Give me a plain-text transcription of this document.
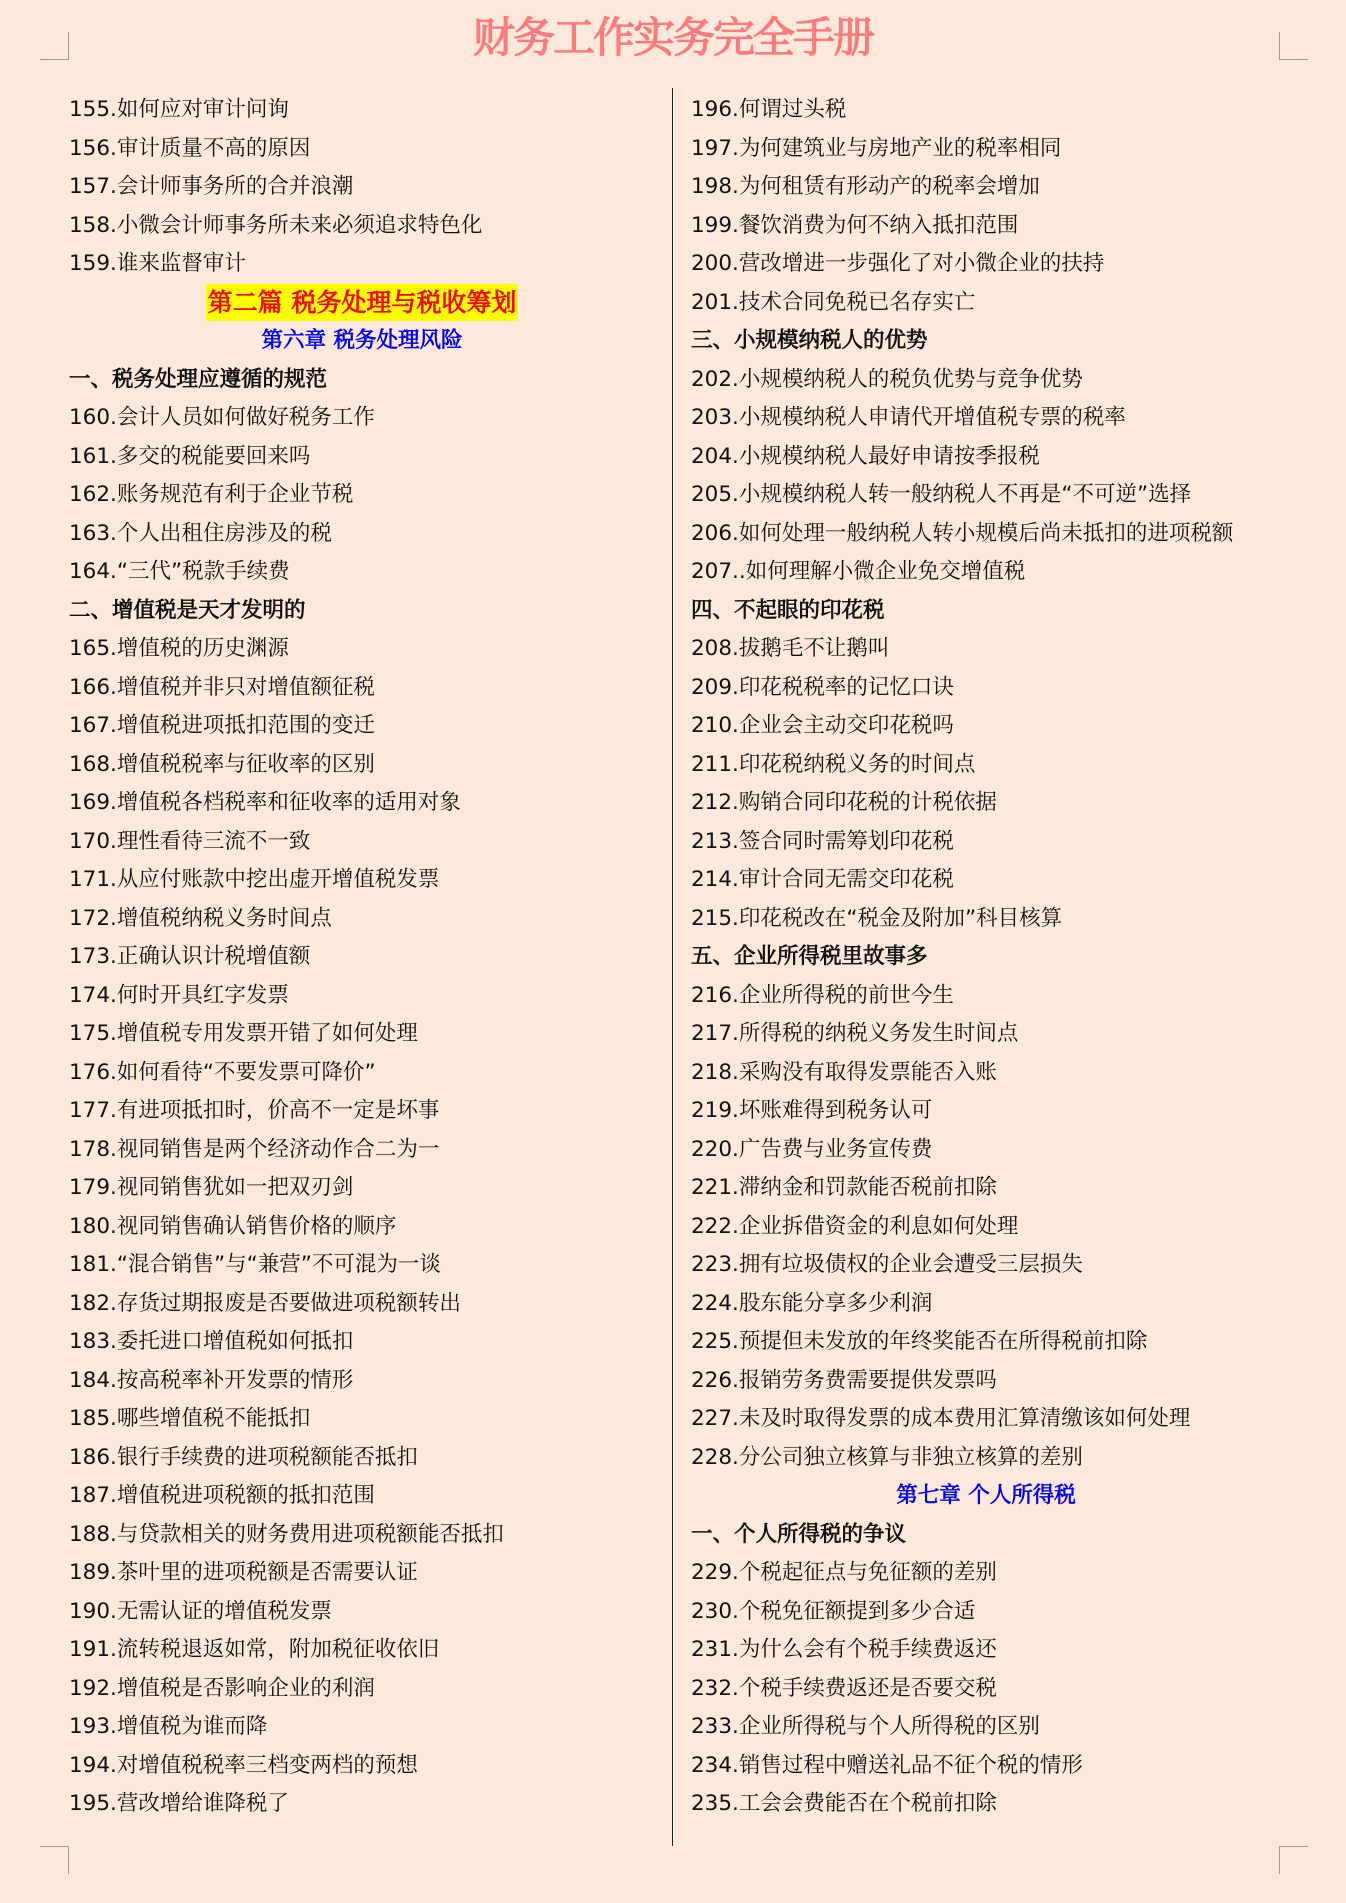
财务工作实务完全手册
155.如何应对审计问询
156.审计质量不高的原因
157.会计师事务所的合并浪潮
158.小微会计师事务所未来必须追求特色化
159.谁来监督审计
第二篇 税务处理与税收筹划
第六章 税务处理风险
一、税务处理应遵循的规范
160.会计人员如何做好税务工作
161.多交的税能要回来吗
162.账务规范有利于企业节税
163.个人出租住房涉及的税
164.“三代”税款手续费
二、增值税是天才发明的
165.增值税的历史渊源
166.增值税并非只对增值额征税
167.增值税进项抵扣范围的变迁
168.增值税税率与征收率的区别
169.增值税各档税率和征收率的适用对象
170.理性看待三流不一致
171.从应付账款中挖出虚开增值税发票
172.增值税纳税义务时间点
173.正确认识计税增值额
174.何时开具红字发票
175.增值税专用发票开错了如何处理
176.如何看待“不要发票可降价”
177.有进项抵扣时，价高不一定是坏事
178.视同销售是两个经济动作合二为一
179.视同销售犹如一把双刃剑
180.视同销售确认销售价格的顺序
181.“混合销售”与“兼营”不可混为一谈
182.存货过期报废是否要做进项税额转出
183.委托进口增值税如何抵扣
184.按高税率补开发票的情形
185.哪些增值税不能抵扣
186.银行手续费的进项税额能否抵扣
187.增值税进项税额的抵扣范围
188.与贷款相关的财务费用进项税额能否抵扣
189.茶叶里的进项税额是否需要认证
190.无需认证的增值税发票
191.流转税退返如常，附加税征收依旧
192.增值税是否影响企业的利润
193.增值税为谁而降
194.对增值税税率三档变两档的预想
195.营改增给谁降税了
196.何谓过头税
197.为何建筑业与房地产业的税率相同
198.为何租赁有形动产的税率会增加
199.餐饮消费为何不纳入抵扣范围
200.营改增进一步强化了对小微企业的扶持
201.技术合同免税已名存实亡
三、小规模纳税人的优势
202.小规模纳税人的税负优势与竞争优势
203.小规模纳税人申请代开增值税专票的税率
204.小规模纳税人最好申请按季报税
205.小规模纳税人转一般纳税人不再是“不可逆”选择
206.如何处理一般纳税人转小规模后尚未抵扣的进项税额
207..如何理解小微企业免交增值税
四、不起眼的印花税
208.拔鹅毛不让鹅叫
209.印花税税率的记忆口诀
210.企业会主动交印花税吗
211.印花税纳税义务的时间点
212.购销合同印花税的计税依据
213.签合同时需筹划印花税
214.审计合同无需交印花税
215.印花税改在“税金及附加”科目核算
五、企业所得税里故事多
216.企业所得税的前世今生
217.所得税的纳税义务发生时间点
218.采购没有取得发票能否入账
219.坏账难得到税务认可
220.广告费与业务宣传费
221.滞纳金和罚款能否税前扣除
222.企业拆借资金的利息如何处理
223.拥有垃圾债权的企业会遭受三层损失
224.股东能分享多少利润
225.预提但未发放的年终奖能否在所得税前扣除
226.报销劳务费需要提供发票吗
227.未及时取得发票的成本费用汇算清缴该如何处理
228.分公司独立核算与非独立核算的差别
第七章 个人所得税
一、个人所得税的争议
229.个税起征点与免征额的差别
230.个税免征额提到多少合适
231.为什么会有个税手续费返还
232.个税手续费返还是否要交税
233.企业所得税与个人所得税的区别
234.销售过程中赠送礼品不征个税的情形
235.工会会费能否在个税前扣除
